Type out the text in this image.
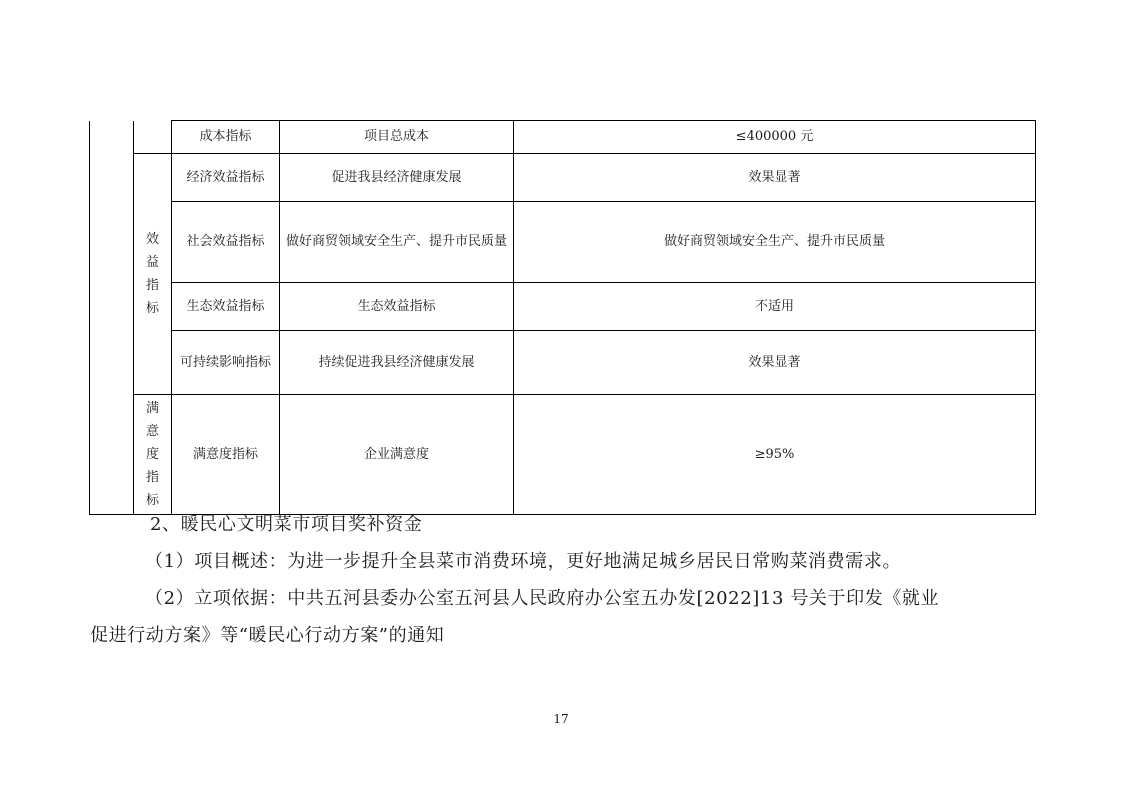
		成本指标	项目总成本	≤400000 元
	效益指标	经济效益指标	促进我县经济健康发展	效果显著
		社会效益指标	做好商贸领域安全生产、提升市民质量	做好商贸领域安全生产、提升市民质量
		生态效益指标	生态效益指标	不适用
		可持续影响指标	持续促进我县经济健康发展	效果显著
	满意度指标	满意度指标	企业满意度	≥95%
2、暖民心文明菜市项目奖补资金
（1）项目概述：为进一步提升全县菜市消费环境，更好地满足城乡居民日常购菜消费需求。
（2）立项依据：中共五河县委办公室五河县人民政府办公室五办发[2022]13 号关于印发《就业
促进行动方案》等“暖民心行动方案”的通知
17
